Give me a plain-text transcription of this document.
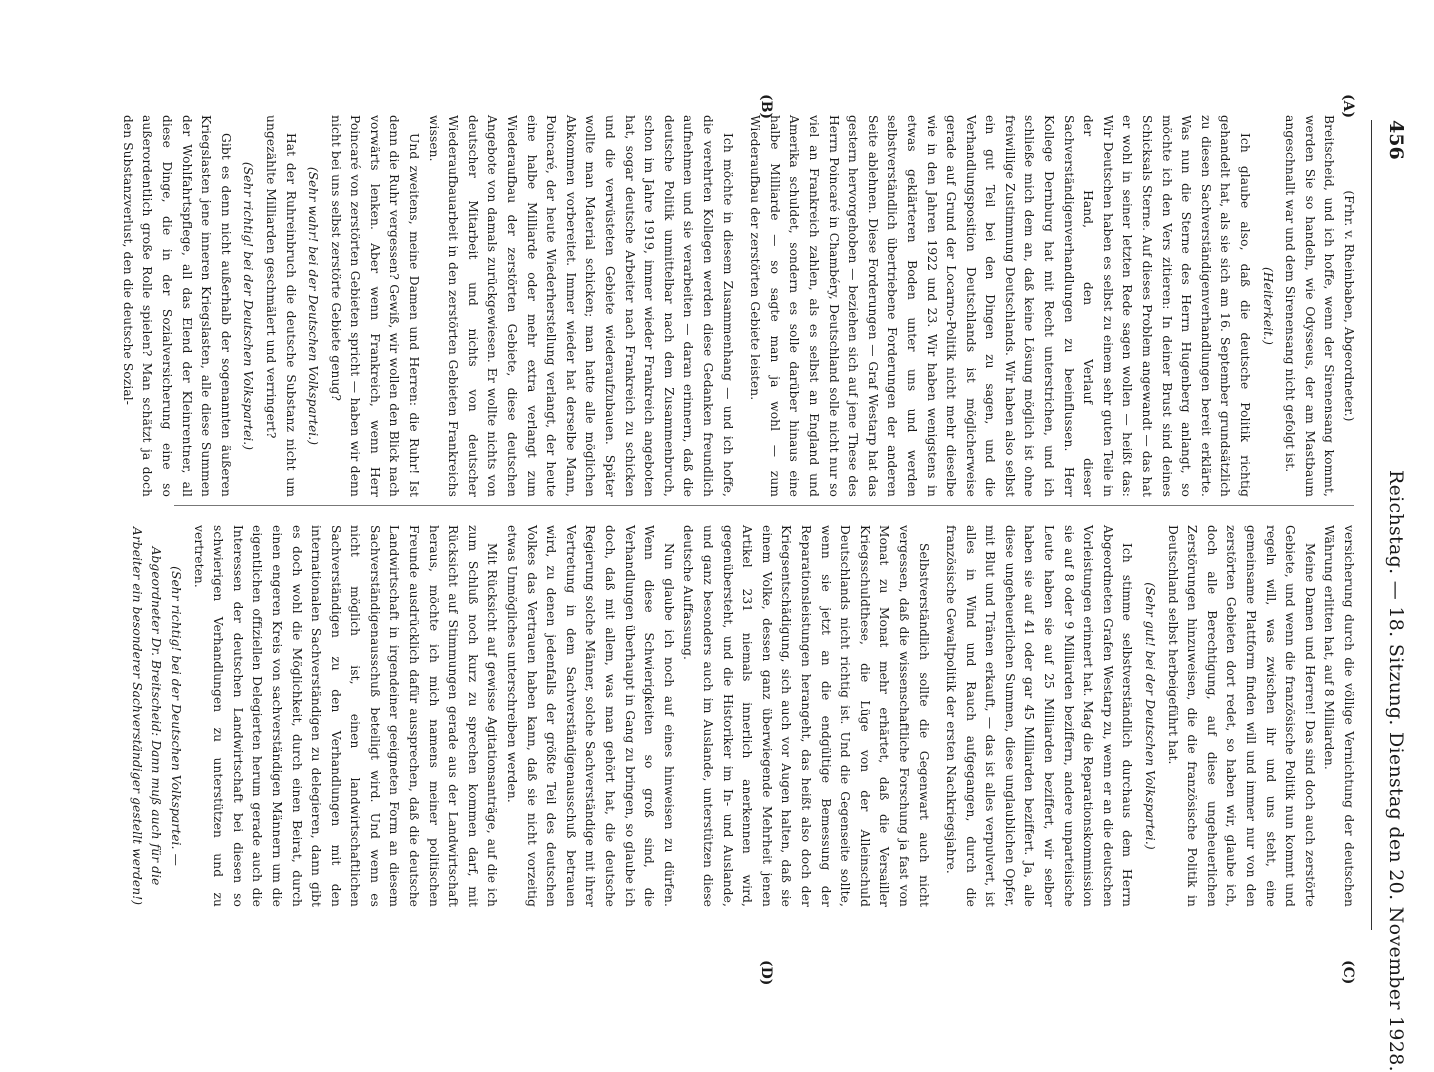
456
Reichstag. — 18. Sitzung. Dienstag den 20. November 1928.
(A)
(B)
(C)
(D)

(Frhr. v. Rheinbaben, Abgeordneter.)

Breitscheid, und ich hoffe, wenn der Sirenensang kommt, werden Sie so handeln, wie Odysseus, der am Mastbaum angeschnallt war und dem Sirenensang nicht gefolgt ist.

(Heiterkeit.)

Ich glaube also, daß die deutsche Politik richtig gehandelt hat, als sie sich am 16. September grundsätzlich zu diesen Sachverständigenverhandlungen bereit erklärte. Was nun die Sterne des Herrn Hugenberg anlangt, so möchte ich den Vers zitieren: In deiner Brust sind deines Schicksals Sterne. Auf dieses Problem angewandt — das hat er wohl in seiner letzten Rede sagen wollen — heißt das: Wir Deutschen haben es selbst zu einem sehr guten Teile in der Hand, den Verlauf dieser Sachverständigenverhandlungen zu beeinflussen. Herr Kollege Dernburg hat mit Recht unterstrichen, und ich schließe mich dem an, daß keine Lösung möglich ist ohne freiwillige Zustimmung Deutschlands. Wir haben also selbst ein gut Teil bei den Dingen zu sagen, und die Verhandlungsposition Deutschlands ist möglicherweise gerade auf Grund der Locarno-Politik nicht mehr dieselbe wie in den Jahren 1922 und 23. Wir haben wenigstens in etwas geklärteren Boden unter uns und werden selbstverständlich übertriebene Forderungen der anderen Seite ablehnen. Diese Forderungen — Graf Westarp hat das gestern hervorgehoben — beziehen sich auf jene These des Herrn Poincaré in Chambéry, Deutschland solle nicht nur so viel an Frankreich zahlen, als es selbst an England und Amerika schuldet, sondern es solle darüber hinaus eine halbe Milliarde — so sagte man ja wohl — zum Wiederaufbau der zerstörten Gebiete leisten.

Ich möchte in diesem Zusammenhang — und ich hoffe, die verehrten Kollegen werden diese Gedanken freundlich aufnehmen und sie verarbeiten — daran erinnern, daß die deutsche Politik unmittelbar nach dem Zusammenbruch, schon im Jahre 1919, immer wieder Frankreich angeboten hat, sogar deutsche Arbeiter nach Frankreich zu schicken und die verwüsteten Gebiete wiederaufzubauen. Später wollte man Material schicken; man hatte alle möglichen Abkommen vorbereitet. Immer wieder hat derselbe Mann, Poincaré, der heute Wiederherstellung verlangt, der heute eine halbe Milliarde oder mehr extra verlangt zum Wiederaufbau der zerstörten Gebiete, diese deutschen Angebote von damals zurückgewiesen. Er wollte nichts von deutscher Mitarbeit und nichts von deutscher Wiederaufbauarbeit in den zerstörten Gebieten Frankreichs wissen.

Und zweitens, meine Damen und Herren: die Ruhr! Ist denn die Ruhr vergessen? Gewiß, wir wollen den Blick nach vorwärts lenken. Aber wenn Frankreich, wenn Herr Poincaré von zerstörten Gebieten spricht — haben wir denn nicht bei uns selbst zerstörte Gebiete genug?

(Sehr wahr! bei der Deutschen Volkspartei.)

Hat der Ruhreinbruch die deutsche Substanz nicht um ungezählte Milliarden geschmälert und verringert?

(Sehr richtig! bei der Deutschen Volkspartei.)

Gibt es denn nicht außerhalb der sogenannten äußeren Kriegslasten jene inneren Kriegslasten, alle diese Summen der Wohlfahrtspflege, all das Elend der Kleinrentner, all diese Dinge, die in der Sozialversicherung eine so außerordentlich große Rolle spielen? Man schätzt ja doch den Substanzverlust, den die deutsche Sozial-

versicherung durch die völlige Vernichtung der deutschen Währung erlitten hat, auf 8 Milliarden.

Meine Damen und Herren! Das sind doch auch zerstörte Gebiete, und wenn die französische Politik nun kommt und regeln will, was zwischen ihr und uns steht, eine gemeinsame Plattform finden will und immer nur von den zerstörten Gebieten dort redet, so haben wir, glaube ich, doch alle Berechtigung, auf diese ungeheuerlichen Zerstörungen hinzuweisen, die die französische Politik in Deutschland selbst herbeigeführt hat.

(Sehr gut! bei der Deutschen Volkspartei.)

Ich stimme selbstverständlich durchaus dem Herrn Abgeordneten Grafen Westarp zu, wenn er an die deutschen Vorleistungen erinnert hat. Mag die Reparationskommission sie auf 8 oder 9 Milliarden beziffern, andere unparteiische Leute haben sie auf 25 Milliarden beziffert, wir selber haben sie auf 41 oder gar 45 Milliarden beziffert. Ja, alle diese ungeheuerlichen Summen, diese unglaublichen Opfer, mit Blut und Tränen erkauft, — das ist alles verpulvert, ist alles in Wind und Rauch aufgegangen, durch die französische Gewaltpolitik der ersten Nachkriegsjahre.

Selbstverständlich sollte die Gegenwart auch nicht vergessen, daß die wissenschaftliche Forschung ja fast von Monat zu Monat mehr erhärtet, daß die Versailler Kriegsschuldthese, die Lüge von der Alleinschuld Deutschlands nicht richtig ist. Und die Gegenseite sollte, wenn sie jetzt an die endgültige Bemessung der Reparationsleistungen herangeht, das heißt also doch der Kriegsentschädigung, sich auch vor Augen halten, daß sie einem Volke, dessen ganz überwiegende Mehrheit jenen Artikel 231 niemals innerlich anerkennen wird, gegenübersteht, und die Historiker im In- und Auslande, und ganz besonders auch im Auslande, unterstützen diese deutsche Auffassung.

Nun glaube ich noch auf eines hinweisen zu dürfen. Wenn diese Schwierigkeiten so groß sind, die Verhandlungen überhaupt in Gang zu bringen, so glaube ich doch, daß mit allem, was man gehört hat, die deutsche Regierung solche Männer, solche Sachverständige mit ihrer Vertretung in dem Sachverständigenausschuß betrauen wird, zu denen jedenfalls der größte Teil des deutschen Volkes das Vertrauen haben kann, daß sie nicht vorzeitig etwas Unmögliches unterschreiben werden.

Mit Rücksicht auf gewisse Agitationsanträge, auf die ich zum Schluß noch kurz zu sprechen kommen darf, mit Rücksicht auf Stimmungen gerade aus der Landwirtschaft heraus, möchte ich mich namens meiner politischen Freunde ausdrücklich dafür aussprechen, daß die deutsche Landwirtschaft in irgendeiner geeigneten Form an diesem Sachverständigenausschuß beteiligt wird. Und wenn es nicht möglich ist, einen landwirtschaftlichen Sachverständigen zu den Verhandlungen mit den internationalen Sachverständigen zu delegieren, dann gibt es doch wohl die Möglichkeit, durch einen Beirat, durch einen engeren Kreis von sachverständigen Männern um die eigentlichen offiziellen Delegierten herum gerade auch die Interessen der deutschen Landwirtschaft bei diesen so schwierigen Verhandlungen zu unterstützen und zu vertreten.

(Sehr richtig! bei der Deutschen Volkspartei. — Abgeordneter Dr. Breitscheid: Dann muß auch für die Arbeiter ein besonderer Sachverständiger gestellt werden!)
